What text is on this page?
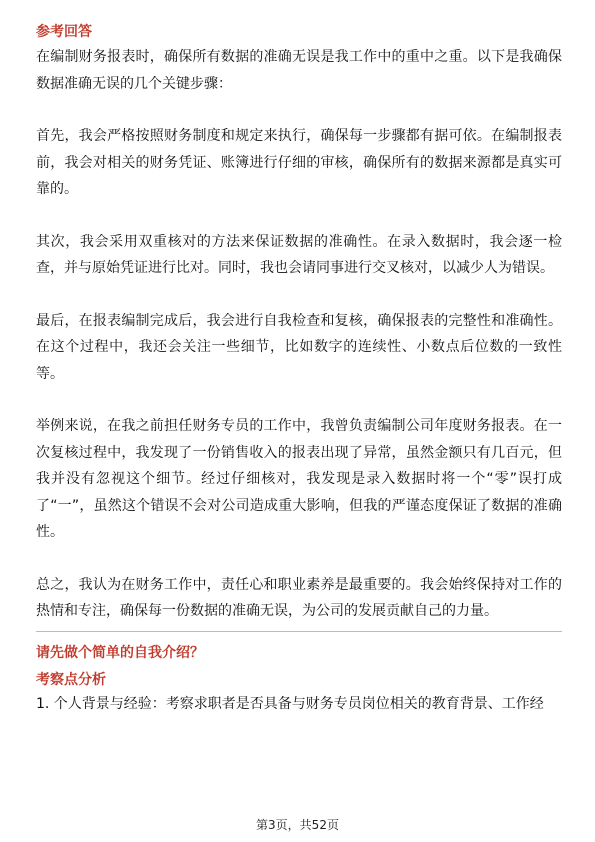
参考回答

在编制财务报表时，确保所有数据的准确无误是我工作中的重中之重。以下是我确保数据准确无误的几个关键步骤：

首先，我会严格按照财务制度和规定来执行，确保每一步骤都有据可依。在编制报表前，我会对相关的财务凭证、账簿进行仔细的审核，确保所有的数据来源都是真实可靠的。

其次，我会采用双重核对的方法来保证数据的准确性。在录入数据时，我会逐一检查，并与原始凭证进行比对。同时，我也会请同事进行交叉核对，以减少人为错误。

最后，在报表编制完成后，我会进行自我检查和复核，确保报表的完整性和准确性。在这个过程中，我还会关注一些细节，比如数字的连续性、小数点后位数的一致性等。

举例来说，在我之前担任财务专员的工作中，我曾负责编制公司年度财务报表。在一次复核过程中，我发现了一份销售收入的报表出现了异常，虽然金额只有几百元，但我并没有忽视这个细节。经过仔细核对，我发现是录入数据时将一个“零”误打成了“一”，虽然这个错误不会对公司造成重大影响，但我的严谨态度保证了数据的准确性。

总之，我认为在财务工作中，责任心和职业素养是最重要的。我会始终保持对工作的热情和专注，确保每一份数据的准确无误，为公司的发展贡献自己的力量。

请先做个简单的自我介绍？

考察点分析

1. 个人背景与经验：考察求职者是否具备与财务专员岗位相关的教育背景、工作经

第3页，共52页
